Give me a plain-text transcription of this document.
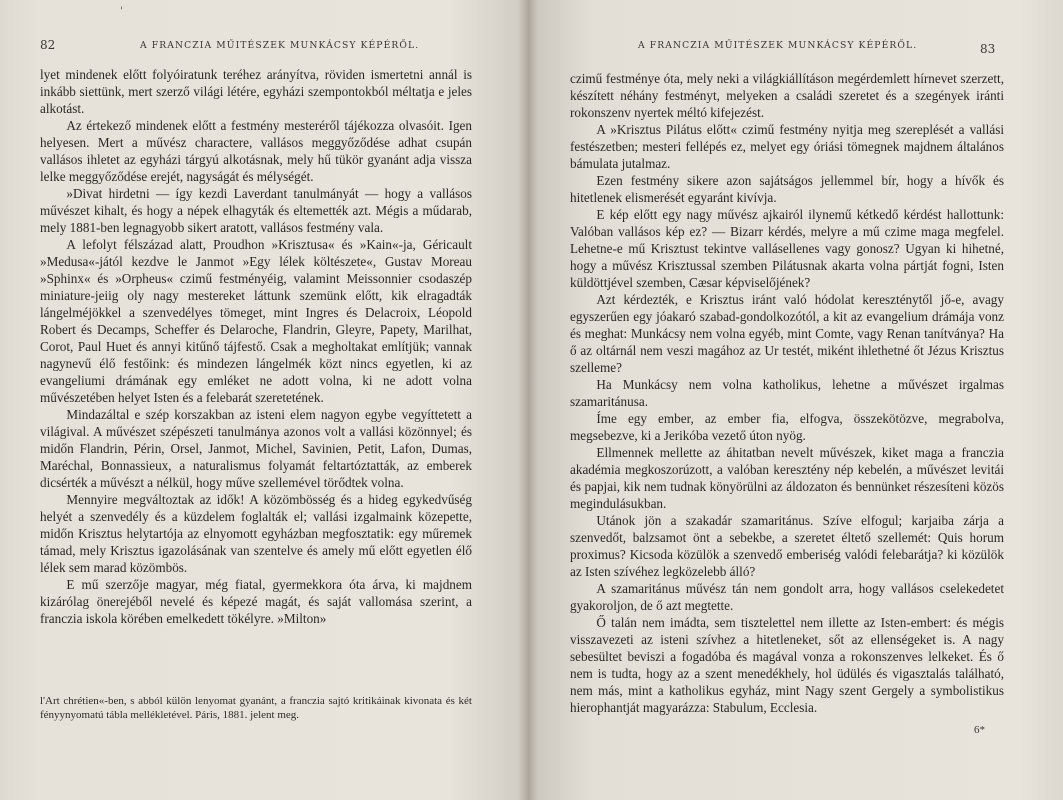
'
82	A FRANCZIA MŰITÉSZEK MUNKÁCSY KÉPÉRŐL.

lyet mindenek előtt folyóiratunk teréhez arányítva, röviden ismertetni annál is inkább siettünk, mert szerző világi létére, egyházi szempontokból méltatja e jeles alkotást.

Az értekező mindenek előtt a festmény mesteréről tájékozza olvasóit. Igen helyesen. Mert a művész charactere, vallásos meggyőződése adhat csupán vallásos ihletet az egyházi tárgyú alkotásnak, mely hű tükör gyanánt adja vissza lelke meggyőződése erejét, nagyságát és mélységét.

»Divat hirdetni — így kezdi Laverdant tanulmányát — hogy a vallásos művészet kihalt, és hogy a népek elhagyták és eltemették azt. Mégis a műdarab, mely 1881-ben legnagyobb sikert aratott, vallásos festmény vala.

A lefolyt félszázad alatt, Proudhon »Krisztusa« és »Kain«-ja, Géricault »Medusa«-jától kezdve le Janmot »Egy lélek költészete«, Gustav Moreau »Sphinx« és »Orpheus« czimű festményéig, valamint Meissonnier csodaszép miniature-jeiig oly nagy mestereket láttunk szemünk előtt, kik elragadták lángelméjökkel a szenvedélyes tömeget, mint Ingres és Delacroix, Léopold Robert és Decamps, Scheffer és Delaroche, Flandrin, Gleyre, Papety, Marilhat, Corot, Paul Huet és annyi kitűnő tájfestő. Csak a megholtakat említjük; vannak nagynevű élő festőink: és mindezen lángelmék közt nincs egyetlen, ki az evangeliumi drámának egy emléket ne adott volna, ki ne adott volna művészetében helyet Isten és a felebarát szeretetének.

Mindazáltal e szép korszakban az isteni elem nagyon egybe vegyíttetett a világival. A művészet szépészeti tanulmánya azonos volt a vallási közönnyel; és midőn Flandrin, Périn, Orsel, Janmot, Michel, Savinien, Petit, Lafon, Dumas, Maréchal, Bonnassieux, a naturalismus folyamát feltartóztatták, az emberek dicsérték a művészt a nélkül, hogy műve szellemével törődtek volna.

Mennyire megváltoztak az idők! A közömbösség és a hideg egykedvűség helyét a szenvedély és a küzdelem foglalták el; vallási izgalmaink közepette, midőn Krisztus helytartója az elnyomott egyházban megfosztatik: egy műremek támad, mely Krisztus igazolásának van szentelve és amely mű előtt egyetlen élő lélek sem marad közömbös.

E mű szerzője magyar, még fiatal, gyermekkora óta árva, ki majdnem kizárólag önerejéből nevelé és képezé magát, és saját vallomása szerint, a franczia iskola körében emelkedett tökélyre. »Milton»

l'Art chrétien«-ben, s abból külön lenyomat gyanánt, a franczia sajtó kritikáinak kivonata és két fényynyomatú tábla mellékletével. Páris, 1881. jelent meg.

A FRANCZIA MŰITÉSZEK MUNKÁCSY KÉPÉRŐL.	83

czimű festménye óta, mely neki a világkiállításon megérdemlett hírnevet szerzett, készített néhány festményt, melyeken a családi szeretet és a szegények iránti rokonszenv nyertek méltó kifejezést.

A »Krisztus Pilátus előtt« czimű festmény nyitja meg szereplését a vallási festészetben; mesteri fellépés ez, melyet egy óriási tömegnek majdnem általános bámulata jutalmaz.

Ezen festmény sikere azon sajátságos jellemmel bír, hogy a hívők és hitetlenek elismerését egyaránt kivívja.

E kép előtt egy nagy művész ajkairól ilynemű kétkedő kérdést hallottunk: Valóban vallásos kép ez? — Bizarr kérdés, melyre a mű czime maga megfelel. Lehetne-e mű Krisztust tekintve vallásellenes vagy gonosz? Ugyan ki hihetné, hogy a művész Krisztussal szemben Pilátusnak akarta volna pártját fogni, Isten küldöttjével szemben, Cæsar képviselőjének?

Azt kérdezték, e Krisztus iránt való hódolat kereszténytől jő-e, avagy egyszerűen egy jóakaró szabad-gondolkozótól, a kit az evangelium drámája vonz és meghat: Munkácsy nem volna egyéb, mint Comte, vagy Renan tanítványa? Ha ő az oltárnál nem veszi magához az Ur testét, miként ihlethetné őt Jézus Krisztus szelleme?

Ha Munkácsy nem volna katholikus, lehetne a művészet irgalmas szamaritánusa.

Íme egy ember, az ember fia, elfogva, összekötözve, megrabolva, megsebezve, ki a Jerikóba vezető úton nyög.

Ellmennek mellette az áhitatban nevelt művészek, kiket maga a franczia akadémia megkoszorúzott, a valóban keresztény nép kebelén, a művészet levitái és papjai, kik nem tudnak könyörülni az áldozaton és bennünket részesíteni közös megindulásukban.

Utánok jön a szakadár szamaritánus. Szíve elfogul; karjaiba zárja a szenvedőt, balzsamot önt a sebekbe, a szeretet éltető szellemét: Quis horum proximus? Kicsoda közülök a szenvedő emberiség valódi felebarátja? ki közülök az Isten szívéhez legközelebb álló?

A szamaritánus művész tán nem gondolt arra, hogy vallásos cselekedetet gyakoroljon, de ő azt megtette.

Ő talán nem imádta, sem tisztelettel nem illette az Isten-embert: és mégis visszavezeti az isteni szívhez a hitetleneket, sőt az ellenségeket is. A nagy sebesültet beviszi a fogadóba és magával vonza a rokonszenves lelkeket. És ő nem is tudta, hogy az a szent menedékhely, hol üdülés és vigasztalás található, nem más, mint a katholikus egyház, mint Nagy szent Gergely a symbolistikus hierophantját magyarázza: Stabulum, Ecclesia.

6*
